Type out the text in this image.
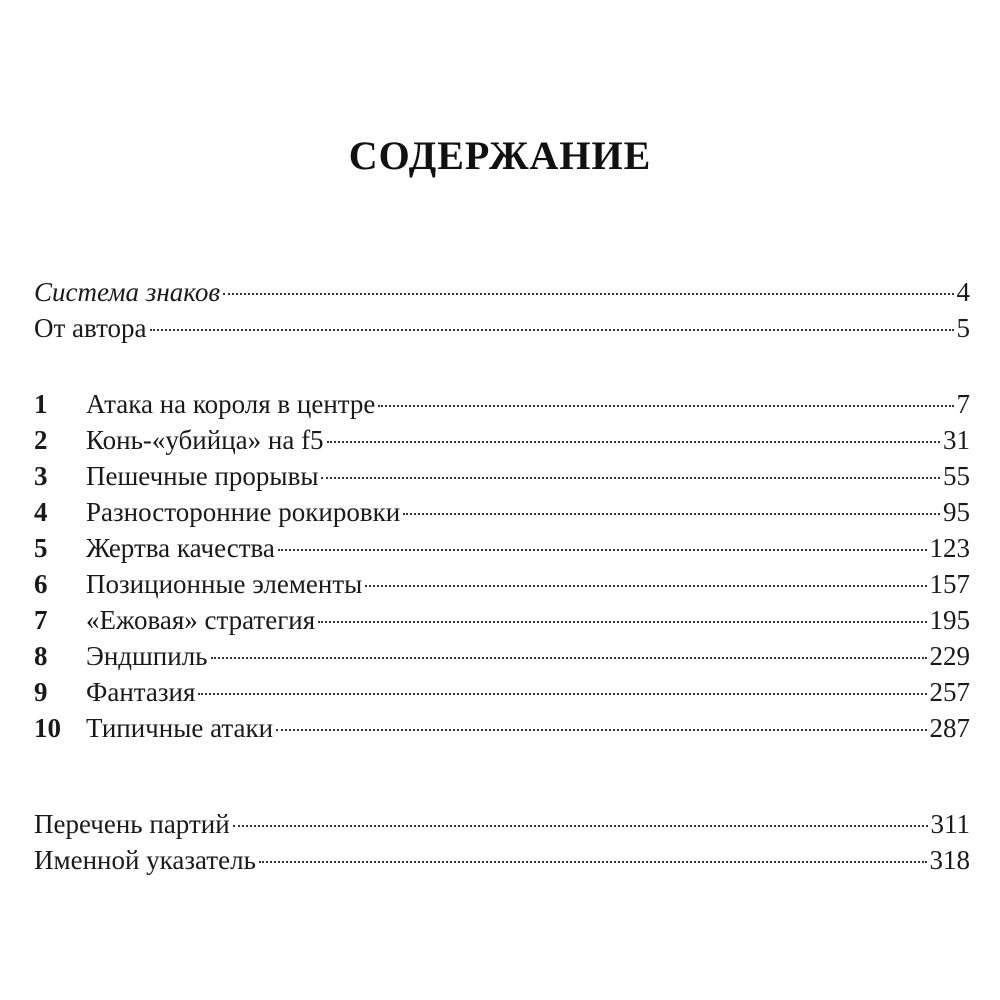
СОДЕРЖАНИЕ
Система знаков	4
От автора	5
1	Атака на короля в центре	7
2	Конь-«убийца» на f5	31
3	Пешечные прорывы	55
4	Разносторонние рокировки	95
5	Жертва качества	123
6	Позиционные элементы	157
7	«Ежовая» стратегия	195
8	Эндшпиль	229
9	Фантазия	257
10 Типичные атаки	287
Перечень партий	311
Именной указатель	318
